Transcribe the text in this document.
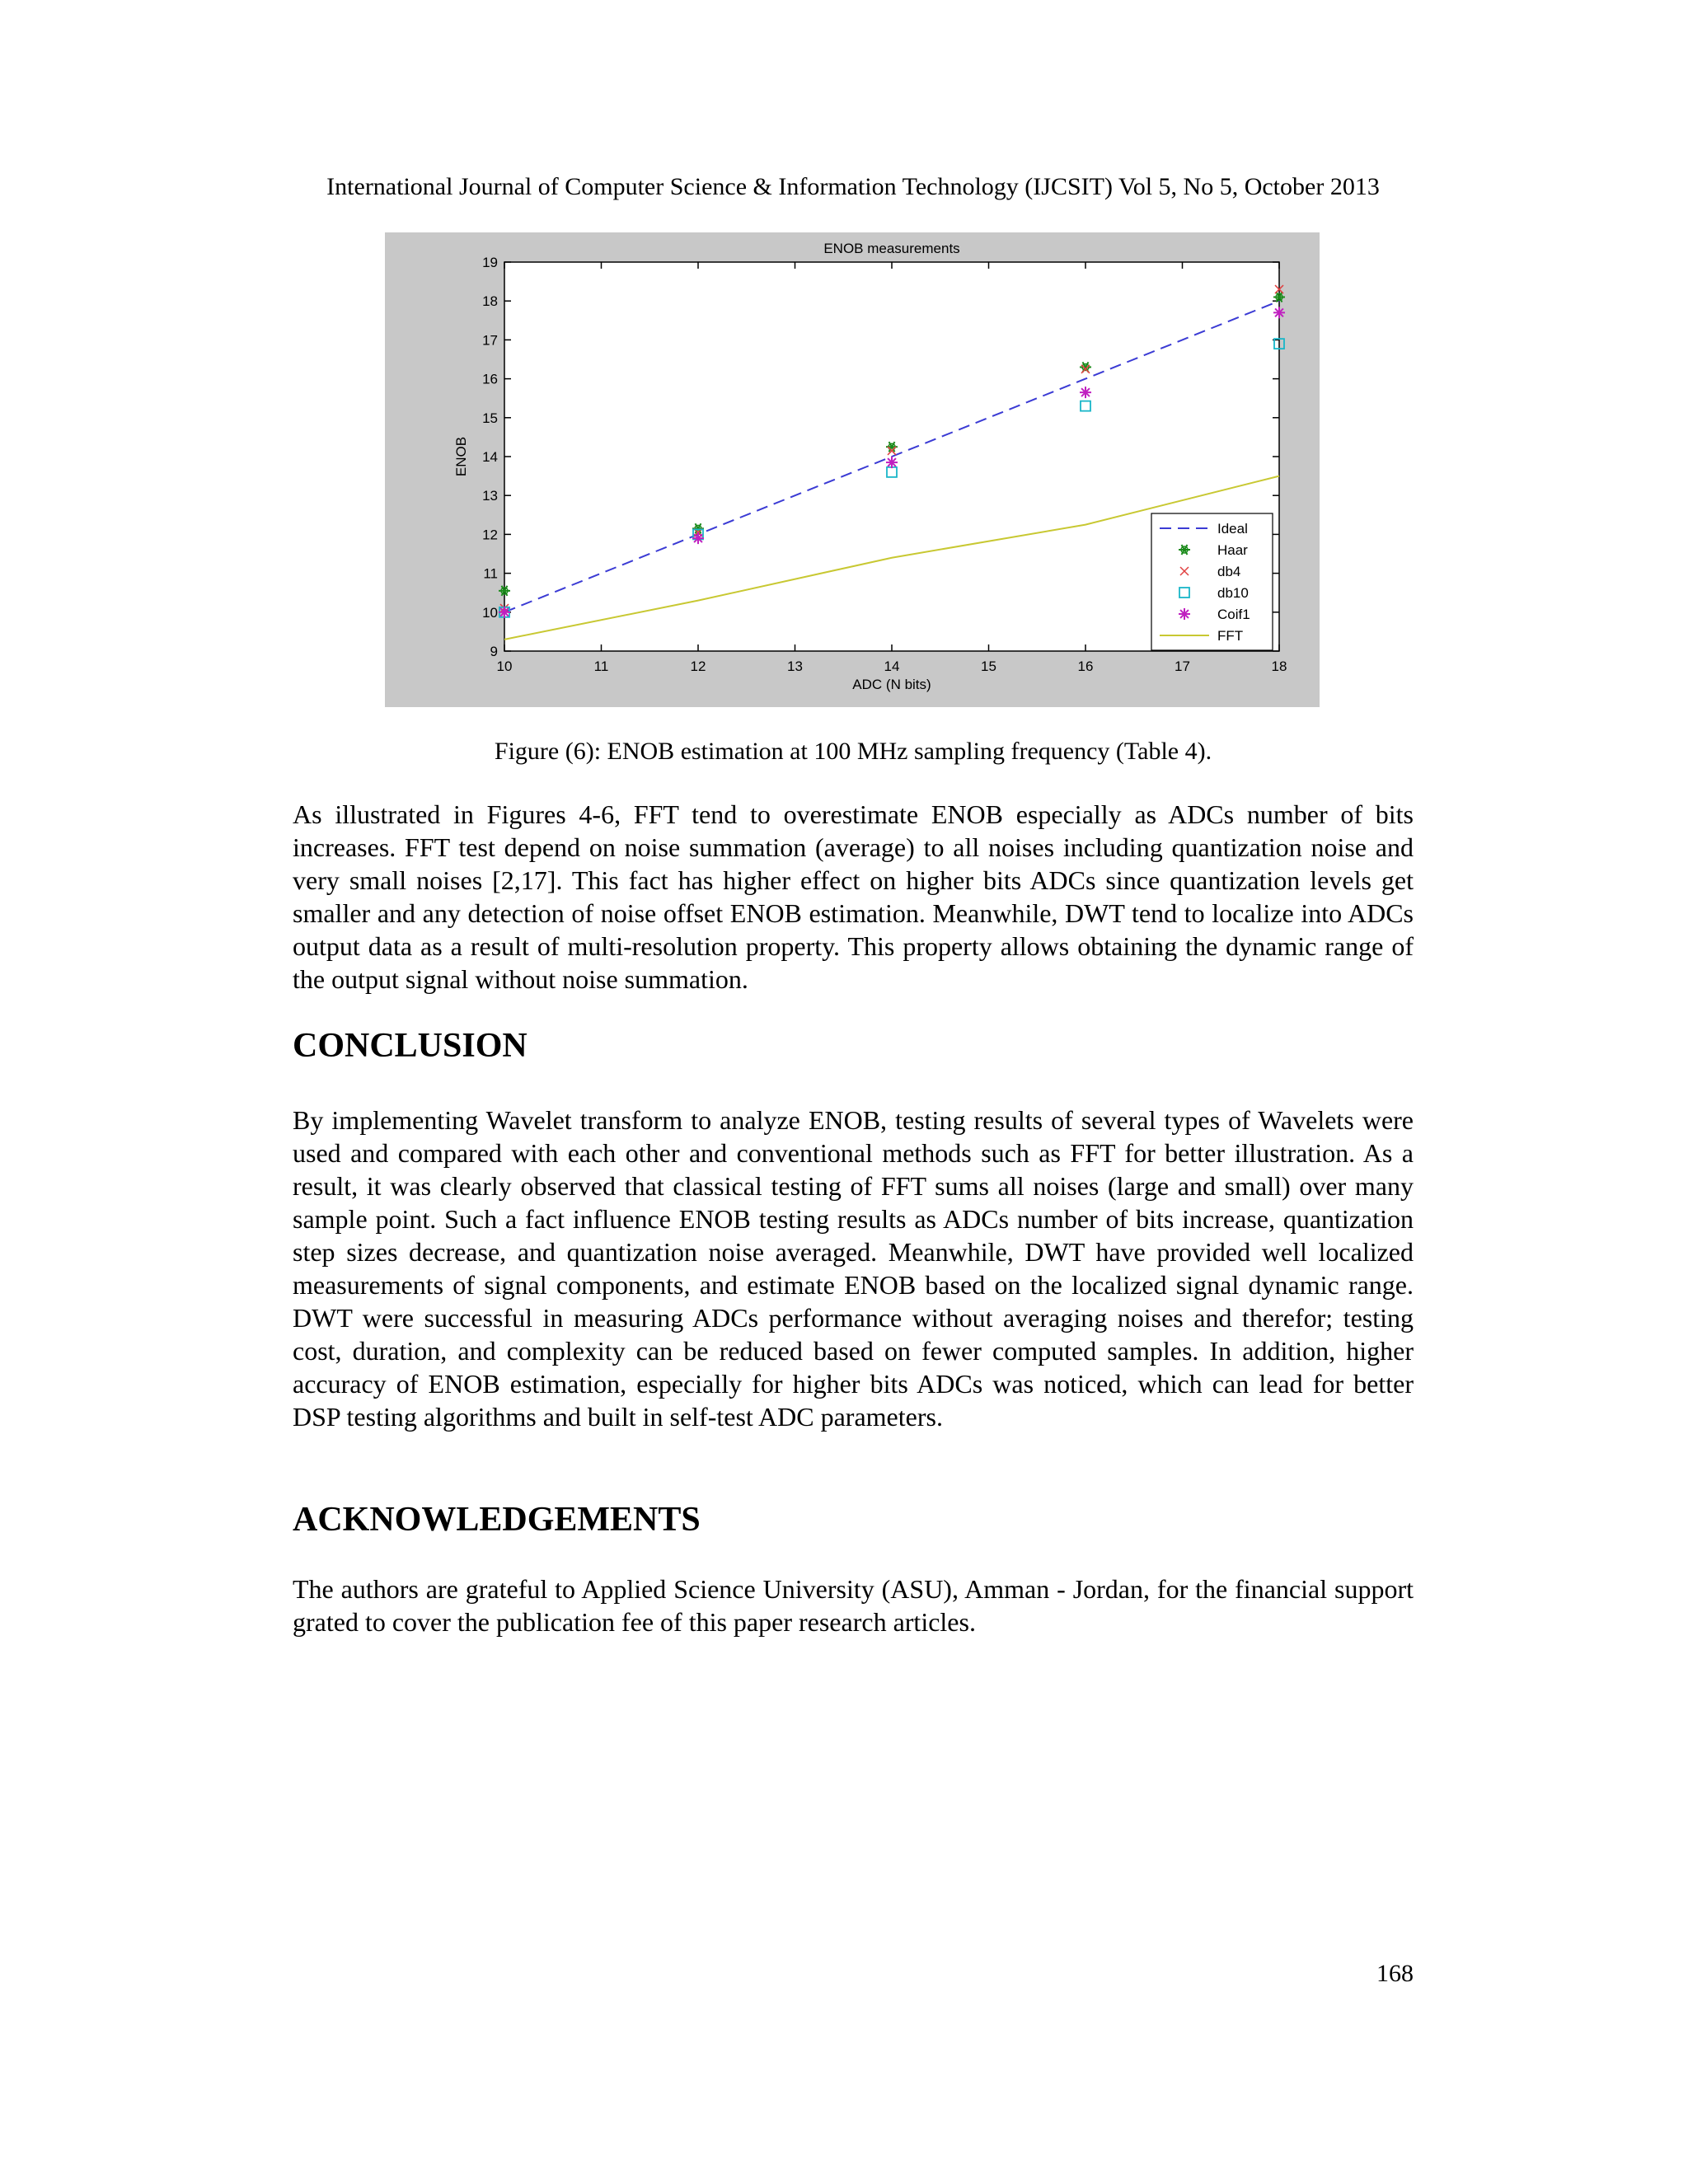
International Journal of Computer Science & Information Technology (IJCSIT) Vol 5, No 5, October 2013
ENOB measurements
ADC (N bits)
ENOB
10	11	12	13	14	15	16	17	18
9
10
11
12
13
14
15
16
17
18
19
Ideal
Haar
db4
db10
Coif1
FFT
Figure (6): ENOB estimation at 100 MHz sampling frequency (Table 4).
As illustrated in Figures 4-6, FFT tend to overestimate ENOB especially as ADCs number of bits increases. FFT test depend on noise summation (average) to all noises including quantization noise and very small noises [2,17]. This fact has higher effect on higher bits ADCs since quantization levels get smaller and any detection of noise offset ENOB estimation. Meanwhile, DWT tend to localize into ADCs output data as a result of multi-resolution property. This property allows obtaining the dynamic range of the output signal without noise summation.
CONCLUSION
By implementing Wavelet transform to analyze ENOB, testing results of several types of Wavelets were used and compared with each other and conventional methods such as FFT for better illustration. As a result, it was clearly observed that classical testing of FFT sums all noises (large and small) over many sample point. Such a fact influence ENOB testing results as ADCs number of bits increase, quantization step sizes decrease, and quantization noise averaged. Meanwhile, DWT have provided well localized measurements of signal components, and estimate ENOB based on the localized signal dynamic range. DWT were successful in measuring ADCs performance without averaging noises and therefor; testing cost, duration, and complexity can be reduced based on fewer computed samples. In addition, higher accuracy of ENOB estimation, especially for higher bits ADCs was noticed, which can lead for better DSP testing algorithms and built in self-test ADC parameters.
ACKNOWLEDGEMENTS
The authors are grateful to Applied Science University (ASU), Amman - Jordan, for the financial support grated to cover the publication fee of this paper research articles.
168
